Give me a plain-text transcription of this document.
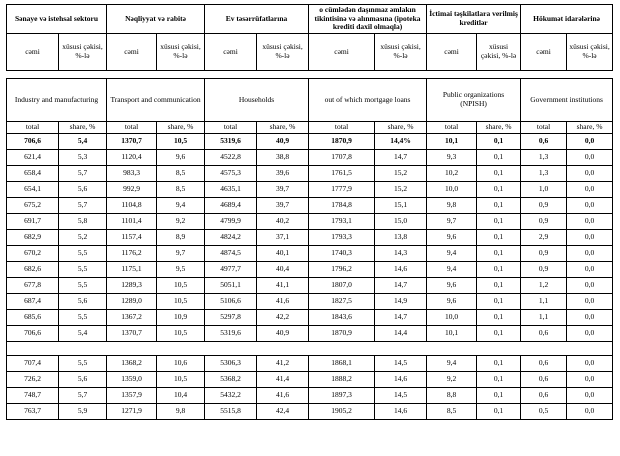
Sənaye və istehsal sektoru		Nəqliyyat və rabitə		Ev təsərrüfatlarına		o cümlədən daşınmaz əmlakın tikintisinə və alınmasına (ipoteka krediti daxil olmaqla)		İctimai təşkilatlara verilmiş kreditlər		Hökumət idarələrinə	
cəmi	xüsusi çəkisi, %-lə	cəmi	xüsusi çəkisi, %-lə	cəmi	xüsusi çəkisi, %-lə	cəmi	xüsusi çəkisi, %-lə	cəmi	xüsusi çəkisi, %-lə	cəmi	xüsusi çəkisi, %-lə

Industry and manufacturing		Transport and communication		Households		out of which mortgage loans		Public organizations (NPISH)		Government institutions	
total	share, %	total	share, %	total	share, %	total	share, %	total	share, %	total	share, %
706,6	5,4	1370,7	10,5	5319,6	40,9	1870,9	14,4%	10,1	0,1	0,6	0,0
621,4	5,3	1120,4	9,6	4522,8	38,8	1707,8	14,7	9,3	0,1	1,3	0,0
658,4	5,7	983,3	8,5	4575,3	39,6	1761,5	15,2	10,2	0,1	1,3	0,0
654,1	5,6	992,9	8,5	4635,1	39,7	1777,9	15,2	10,0	0,1	1,0	0,0
675,2	5,7	1104,8	9,4	4689,4	39,7	1784,8	15,1	9,8	0,1	0,9	0,0
691,7	5,8	1101,4	9,2	4799,9	40,2	1793,1	15,0	9,7	0,1	0,9	0,0
682,9	5,2	1157,4	8,9	4824,2	37,1	1793,3	13,8	9,6	0,1	2,9	0,0
670,2	5,5	1176,2	9,7	4874,5	40,1	1740,3	14,3	9,4	0,1	0,9	0,0
682,6	5,5	1175,1	9,5	4977,7	40,4	1796,2	14,6	9,4	0,1	0,9	0,0
677,8	5,5	1289,3	10,5	5051,1	41,1	1807,0	14,7	9,6	0,1	1,2	0,0
687,4	5,6	1289,0	10,5	5106,6	41,6	1827,5	14,9	9,6	0,1	1,1	0,0
685,6	5,5	1367,2	10,9	5297,8	42,2	1843,6	14,7	10,0	0,1	1,1	0,0
706,6	5,4	1370,7	10,5	5319,6	40,9	1870,9	14,4	10,1	0,1	0,6	0,0

707,4	5,5	1368,2	10,6	5306,3	41,2	1868,1	14,5	9,4	0,1	0,6	0,0
726,2	5,6	1359,0	10,5	5368,2	41,4	1888,2	14,6	9,2	0,1	0,6	0,0
748,7	5,7	1357,9	10,4	5432,2	41,6	1897,3	14,5	8,8	0,1	0,6	0,0
763,7	5,9	1271,9	9,8	5515,8	42,4	1905,2	14,6	8,5	0,1	0,5	0,0
